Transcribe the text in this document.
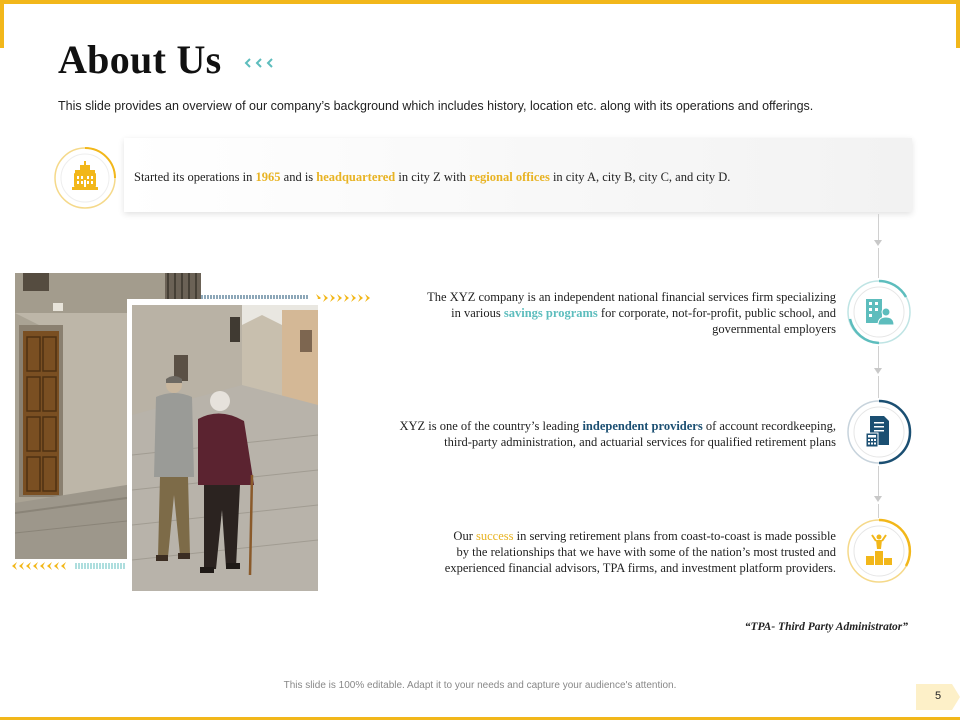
About Us
This slide provides an overview of our company’s background which includes history, location etc. along with its operations and offerings.
Started its operations in 1965 and is headquartered in city Z with regional offices in city A, city B, city C, and city D.
The XYZ company is an independent national financial services firm specializing
in various savings programs for corporate, not-for-profit, public school, and
governmental employers
XYZ is one of the country’s leading independent providers of account recordkeeping,
third-party administration, and actuarial services for qualified retirement plans
Our success in serving retirement plans from coast-to-coast is made possible
by the relationships that we have with some of the nation’s most trusted and
experienced financial advisors, TPA firms, and investment platform providers.
“TPA- Third Party Administrator”
This slide is 100% editable. Adapt it to your needs and capture your audience's attention.
5
